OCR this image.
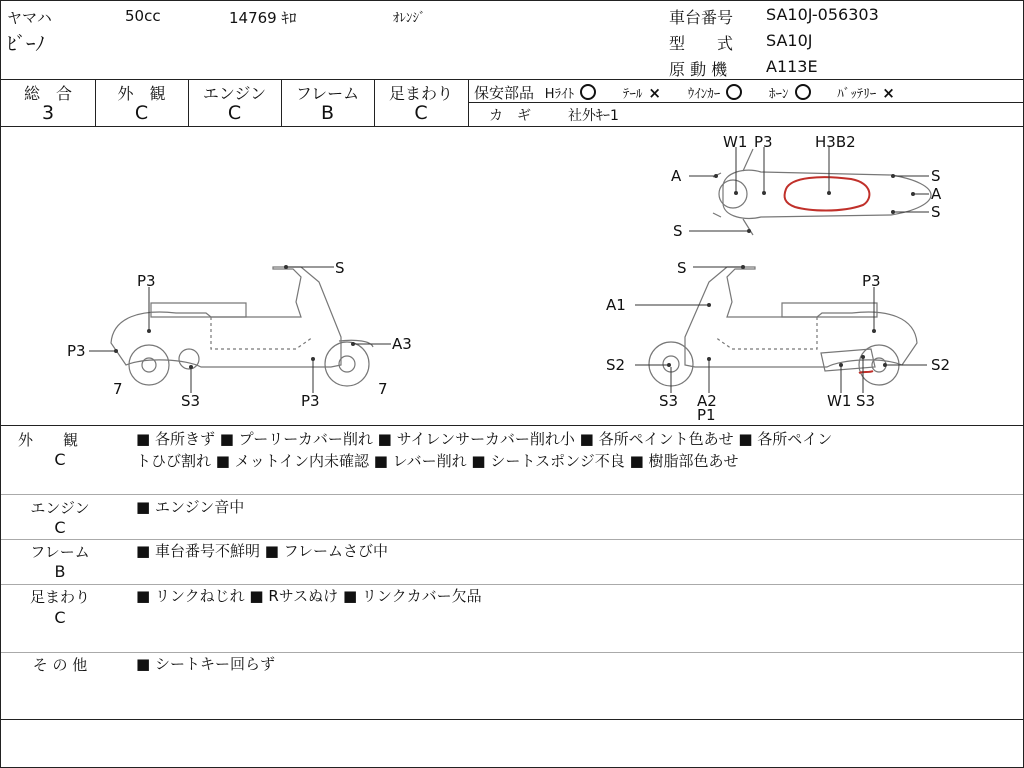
ヤマハ	50cc	14769 ｷﾛ	ｵﾚﾝｼﾞ
ﾋﾞｰﾉ
車台番号 SA10J-056303
型　　式 SA10J
原 動 機 A113E
総　合
3
外　観
C
エンジン
C
フレーム
B
足まわり
C
保安部品 Hﾗｲﾄ	ﾃｰﾙ × ｳｲﾝｶｰ	ﾎｰﾝ	ﾊﾞｯﾃﾘｰ ×
カ　ギ	社外ｷｰ1
W1 P3	H3B2
A	S
A
S
S
S
P3
P3	A3
7
S3	P3
7
S
A1
P3
S2
S3 A2
P1
W1 S3
S2
外　　観
C
■ 各所きず ■ プーリーカバー削れ ■ サイレンサーカバー削れ小 ■ 各所ペイント色あせ ■ 各所ペイン
トひび割れ ■ メットイン内未確認 ■ レバー削れ ■ シートスポンジ不良 ■ 樹脂部色あせ
エンジン
C
■ エンジン音中
フレーム
B
■ 車台番号不鮮明 ■ フレームさび中
足まわり
C
■ リンクねじれ ■ Rサスぬけ ■ リンクカバー欠品
そ の 他	■ シートキー回らず
